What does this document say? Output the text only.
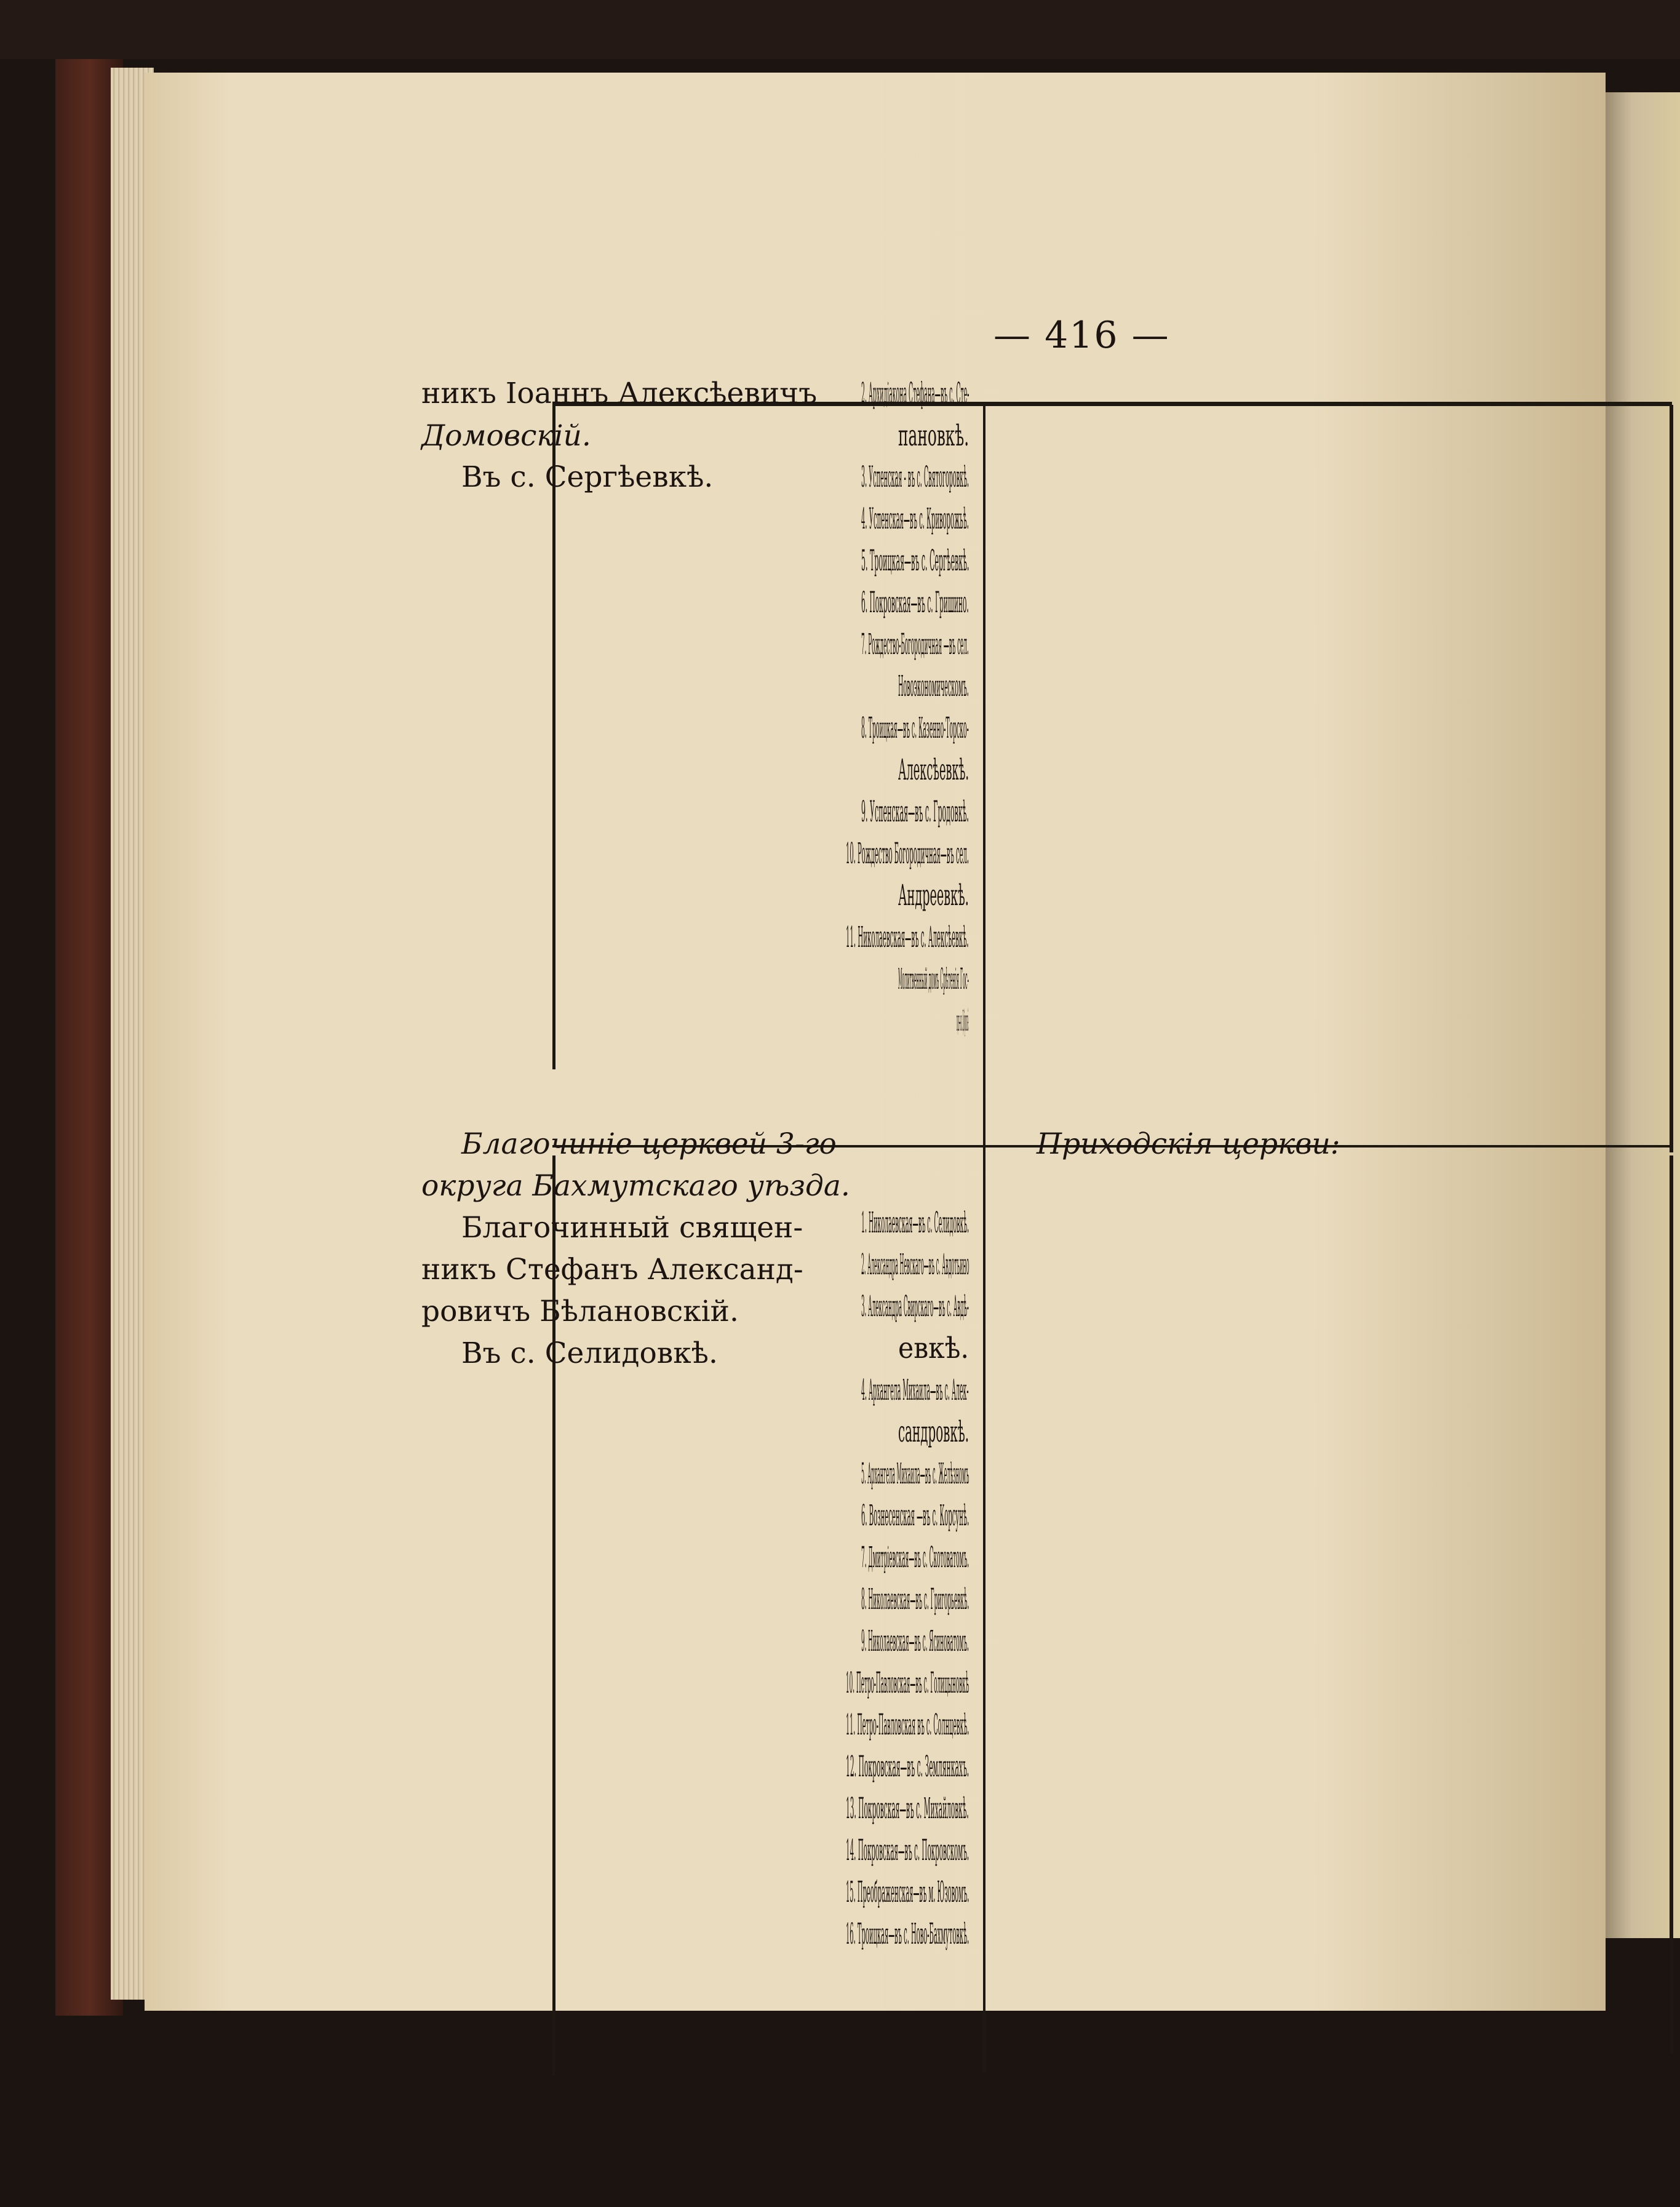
— 416 —
никъ Іоаннъ Алексѣевичъ
Домовскій.
Въ с. Сергѣевкѣ.
2. Архидіакона Стефана—въ с. Сте-
пановкѣ.
3. Успенская - въ с. Святогоровкѣ.
4. Успенская—въ с. Криворожьѣ.
5. Троицкая—въ с. Сергѣевкѣ.
6. Покровская—въ с. Гришино.
7. Рождество-Богородичная —въ сел.
Новоэкономическомъ.
8. Троицкая—въ с. Казенно-Торско-
Алексѣевкѣ.
9. Успенская—въ с. Гродовкѣ.
10. Рождество Богородичная—въ сел.
Андреевкѣ.
11. Николаевская—въ с. Алексѣевкѣ.
Молитвенный домъ Срѣтенія Гос-
подня—въ с. Добропольӗ.
Благочиніе церквей 3-го
округа Бахмутскаго уѣзда.
Благочинный священ-
никъ Стефанъ Александ-
ровичъ Бѣлановскій.
Въ с. Селидовкѣ.
Приходскія церкви:
1. Николаевская—въ с. Селидовкѣ.
2. Александра Невскаго—въ с. Авдотьино
3. Александра Свирскаго—въ с. Авдѣ-
евкѣ.
4. Архангела Михаила—въ с. Алек-
сандровкѣ.
5. Архангела Михаила—въ с. Желѣзномъ
6. Вознесенская —въ с. Корсунѣ.
7. Дмитріевская—въ с. Скотоватомъ.
8. Николаевская—въ с. Григорьевкѣ.
9. Николаевская—въ с. Ясиноватомъ.
10. Петро-Павловская—въ с. Голицыновкѣ
11. Петро-Павловская въ с. Солнцевкѣ.
12. Покровская—въ с. Землянкахъ.
13. Покровская—въ с. Михайловкѣ.
14. Покровская—въ с. Покровскомъ.
15. Преображенская—въ м. Юзовомъ.
16. Троицкая—въ с. Ново-Бахмутовкѣ.
